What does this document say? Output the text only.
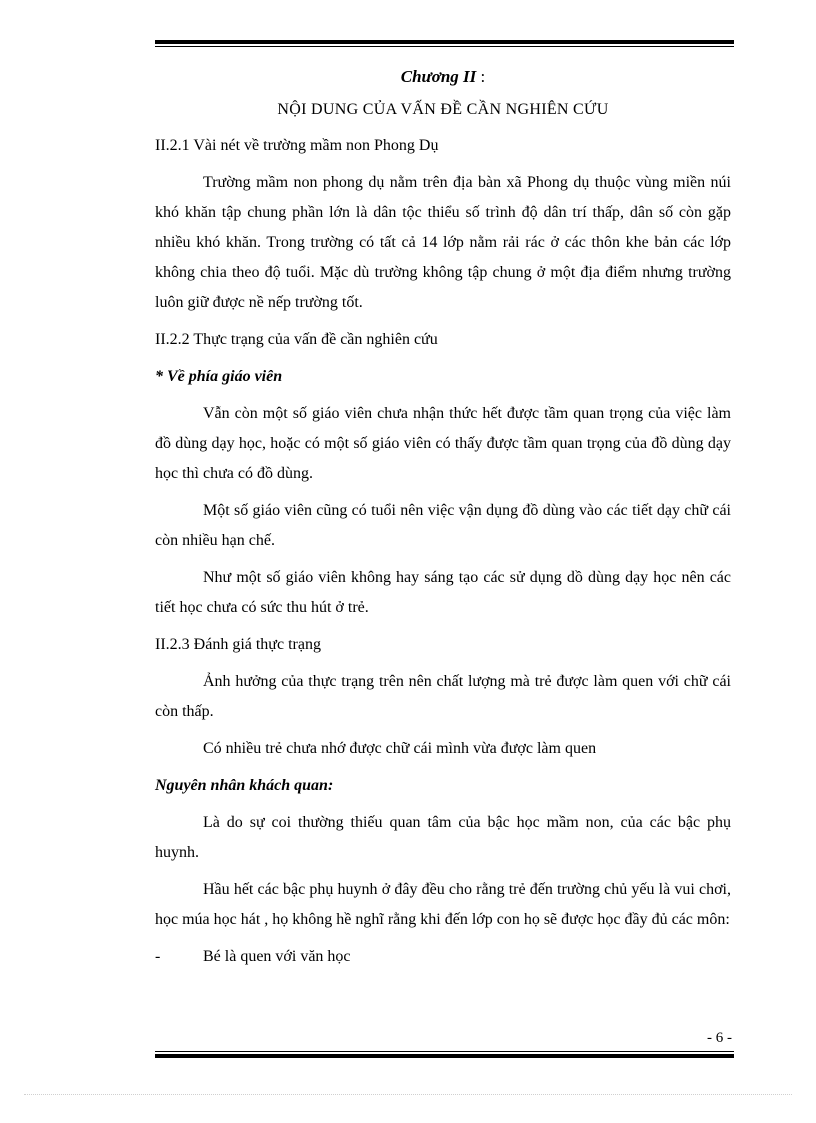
Chương II :

NỘI DUNG CỦA VẤN ĐỀ CẦN NGHIÊN CỨU

II.2.1 Vài nét về trường mầm non Phong Dụ

Trường mầm non phong dụ nằm trên địa bàn xã Phong dụ thuộc vùng miền núi khó khăn tập chung phần lớn là dân tộc thiểu số trình độ dân trí thấp, dân số còn gặp nhiều khó khăn. Trong trường có tất cả 14 lớp nằm rải rác ở các thôn khe bản các lớp không chia theo độ tuổi. Mặc dù trường không tập chung ở một địa điểm nhưng trường luôn giữ được nề nếp trường tốt.

II.2.2 Thực trạng của vấn đề cần nghiên cứu

* Về phía giáo viên

Vẫn còn một số giáo viên chưa nhận thức hết được tầm quan trọng của việc làm đồ dùng dạy học, hoặc có một số giáo viên có thấy được tầm quan trọng của đồ dùng dạy học thì chưa có đồ dùng.

Một số giáo viên cũng có tuổi nên việc vận dụng đồ dùng vào các tiết dạy chữ cái còn nhiều hạn chế.

Như một số giáo viên không hay sáng tạo các sử dụng dồ dùng dạy học nên các tiết học chưa có sức thu hút ở trẻ.

II.2.3 Đánh giá thực trạng

Ảnh hưởng của thực trạng trên nên chất lượng mà trẻ được làm quen với chữ cái còn thấp.

Có nhiều trẻ chưa nhớ được chữ cái mình vừa được làm quen

Nguyên nhân khách quan:

Là do sự coi thường thiếu quan tâm của bậc học mầm non, của các bậc phụ huynh.

Hầu hết các bậc phụ huynh ở đây đều cho rằng trẻ đến trường chủ yếu là vui chơi, học múa học hát , họ không hề nghĩ rằng khi đến lớp con họ sẽ được học đầy đủ các môn:

-	Bé là quen với văn học

- 6 -
